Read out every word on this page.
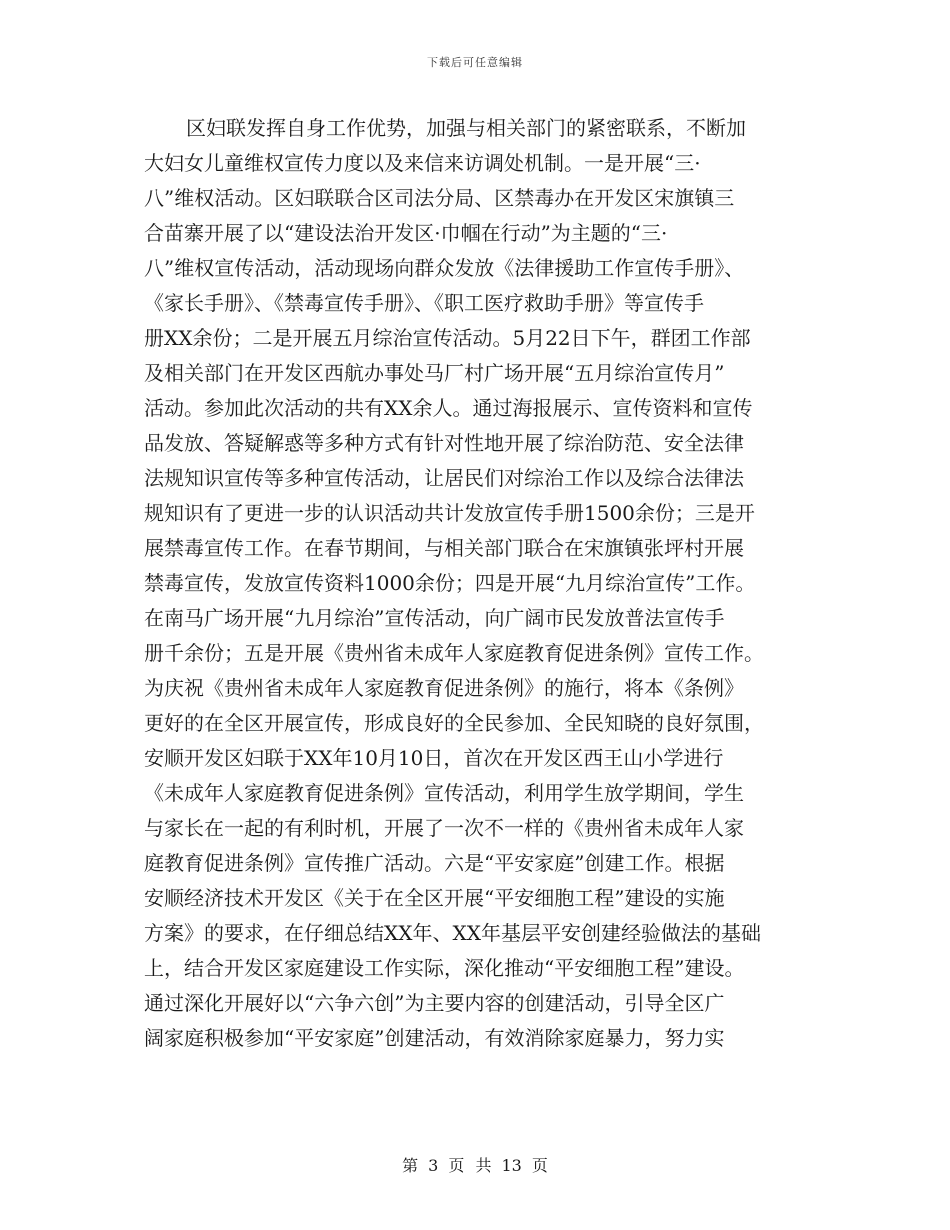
下载后可任意编辑
区妇联发挥自身工作优势，加强与相关部门的紧密联系，不断加
大妇女儿童维权宣传力度以及来信来访调处机制。一是开展“三·
八”维权活动。区妇联联合区司法分局、区禁毒办在开发区宋旗镇三
合苗寨开展了以“建设法治开发区·巾帼在行动”为主题的“三·
八”维权宣传活动，活动现场向群众发放《法律援助工作宣传手册》、
《家长手册》、《禁毒宣传手册》、《职工医疗救助手册》等宣传手
册XX余份；二是开展五月综治宣传活动。5月22日下午，群团工作部
及相关部门在开发区西航办事处马厂村广场开展“五月综治宣传月”
活动。参加此次活动的共有XX余人。通过海报展示、宣传资料和宣传
品发放、答疑解惑等多种方式有针对性地开展了综治防范、安全法律
法规知识宣传等多种宣传活动，让居民们对综治工作以及综合法律法
规知识有了更进一步的认识活动共计发放宣传手册1500余份；三是开
展禁毒宣传工作。在春节期间，与相关部门联合在宋旗镇张坪村开展
禁毒宣传，发放宣传资料1000余份；四是开展“九月综治宣传”工作。
在南马广场开展“九月综治”宣传活动，向广阔市民发放普法宣传手
册千余份；五是开展《贵州省未成年人家庭教育促进条例》宣传工作。
为庆祝《贵州省未成年人家庭教育促进条例》的施行，将本《条例》
更好的在全区开展宣传，形成良好的全民参加、全民知晓的良好氛围，
安顺开发区妇联于XX年10月10日，首次在开发区西王山小学进行
《未成年人家庭教育促进条例》宣传活动，利用学生放学期间，学生
与家长在一起的有利时机，开展了一次不一样的《贵州省未成年人家
庭教育促进条例》宣传推广活动。六是“平安家庭”创建工作。根据
安顺经济技术开发区《关于在全区开展“平安细胞工程”建设的实施
方案》的要求，在仔细总结XX年、XX年基层平安创建经验做法的基础
上，结合开发区家庭建设工作实际，深化推动“平安细胞工程”建设。
通过深化开展好以“六争六创”为主要内容的创建活动，引导全区广
阔家庭积极参加“平安家庭”创建活动，有效消除家庭暴力，努力实
第 3 页 共 13 页
